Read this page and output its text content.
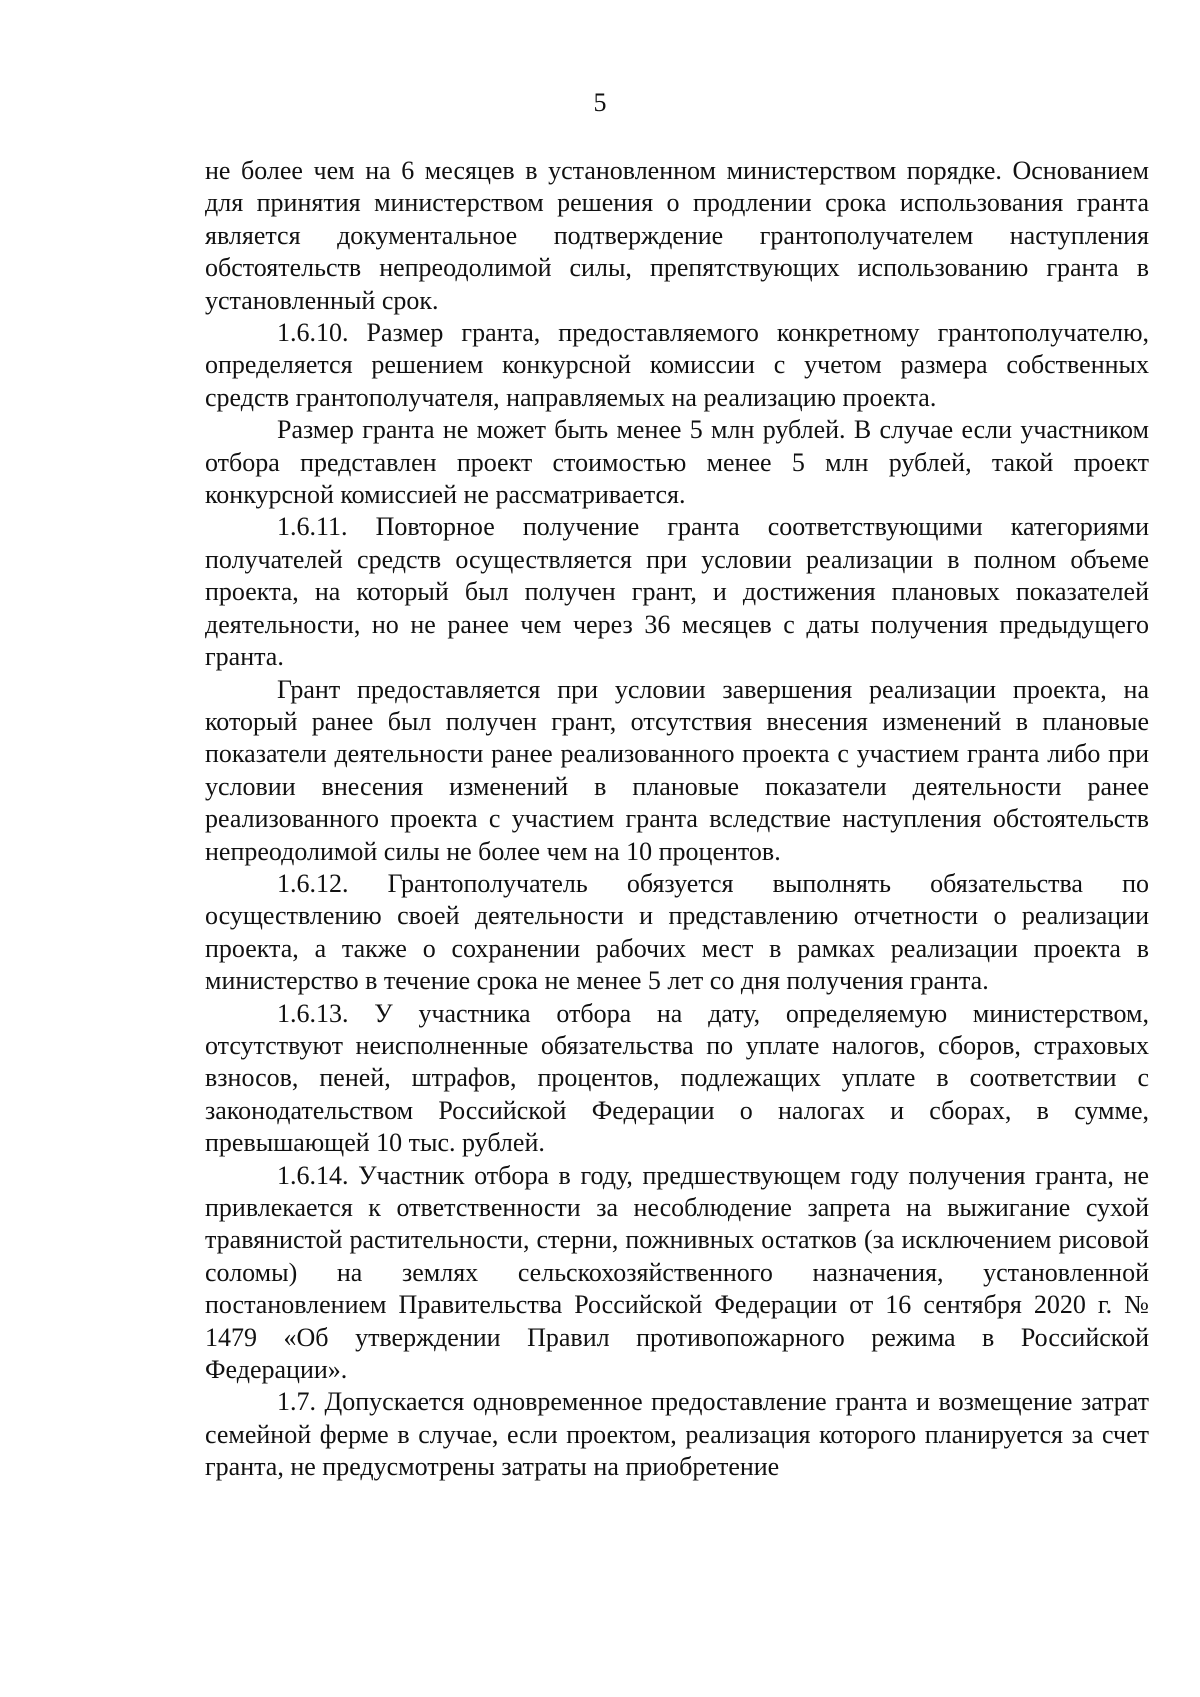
5

не более чем на 6 месяцев в установленном министерством порядке. Основанием для принятия министерством решения о продлении срока использования гранта является документальное подтверждение грантополучателем наступления обстоятельств непреодолимой силы, препятствующих использованию гранта в установленный срок.

1.6.10. Размер гранта, предоставляемого конкретному грантополучателю, определяется решением конкурсной комиссии с учетом размера собственных средств грантополучателя, направляемых на реализацию проекта.

Размер гранта не может быть менее 5 млн рублей. В случае если участником отбора представлен проект стоимостью менее 5 млн рублей, такой проект конкурсной комиссией не рассматривается.

1.6.11. Повторное получение гранта соответствующими категориями получателей средств осуществляется при условии реализации в полном объеме проекта, на который был получен грант, и достижения плановых показателей деятельности, но не ранее чем через 36 месяцев с даты получения предыдущего гранта.

Грант предоставляется при условии завершения реализации проекта, на который ранее был получен грант, отсутствия внесения изменений в плановые показатели деятельности ранее реализованного проекта с участием гранта либо при условии внесения изменений в плановые показатели деятельности ранее реализованного проекта с участием гранта вследствие наступления обстоятельств непреодолимой силы не более чем на 10 процентов.

1.6.12. Грантополучатель обязуется выполнять обязательства по осуществлению своей деятельности и представлению отчетности о реализации проекта, а также о сохранении рабочих мест в рамках реализации проекта в министерство в течение срока не менее 5 лет со дня получения гранта.

1.6.13. У участника отбора на дату, определяемую министерством, отсутствуют неисполненные обязательства по уплате налогов, сборов, страховых взносов, пеней, штрафов, процентов, подлежащих уплате в соответствии с законодательством Российской Федерации о налогах и сборах, в сумме, превышающей 10 тыс. рублей.

1.6.14. Участник отбора в году, предшествующем году получения гранта, не привлекается к ответственности за несоблюдение запрета на выжигание сухой травянистой растительности, стерни, пожнивных остатков (за исключением рисовой соломы) на землях сельскохозяйственного назначения, установленной постановлением Правительства Российской Федерации от 16 сентября 2020 г. № 1479 «Об утверждении Правил противопожарного режима в Российской Федерации».

1.7. Допускается одновременное предоставление гранта и возмещение затрат семейной ферме в случае, если проектом, реализация которого планируется за счет гранта, не предусмотрены затраты на приобретение
